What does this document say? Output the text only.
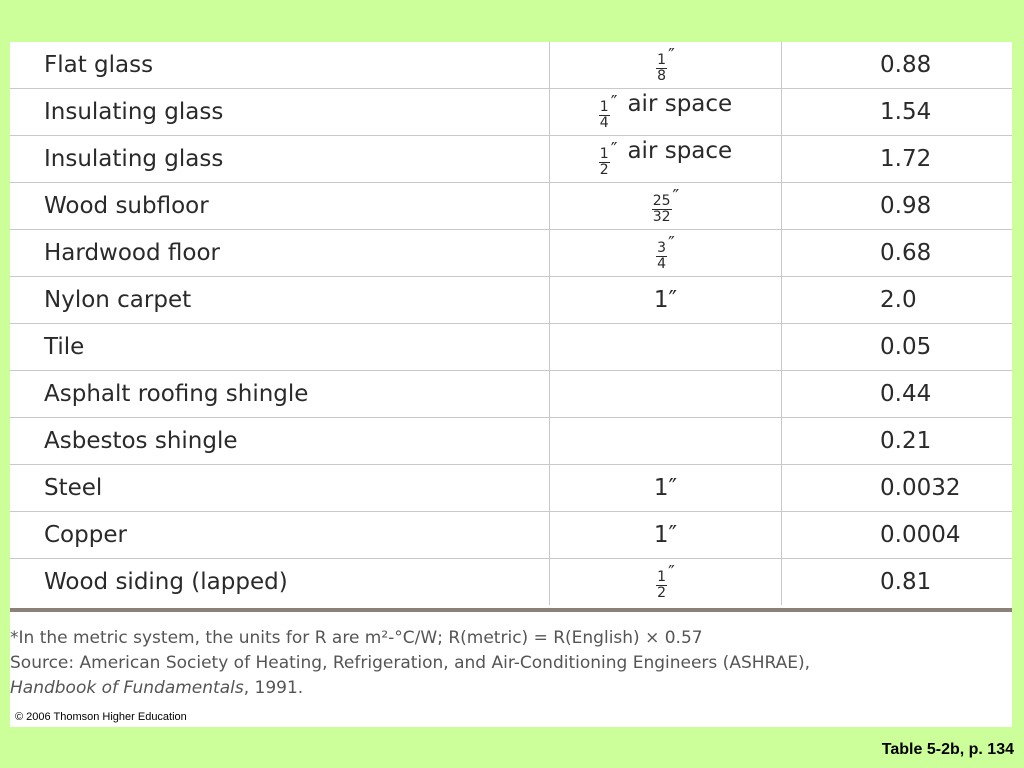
Flat glass	$\frac{1}{8}$ ″	0.88
Insulating glass	$\frac{1}{4}$ ″ air space	1.54
Insulating glass	$\frac{1}{2}$ ″ air space	1.72
Wood subfloor	$\frac{25}{32}$ ″	0.98
Hardwood floor	$\frac{3}{4}$ ″	0.68
Nylon carpet	1″	2.0
Tile		0.05
Asphalt roofing shingle		0.44
Asbestos shingle		0.21
Steel	1″	0.0032
Copper	1″	0.0004
Wood siding (lapped)	$\frac{1}{2}$ ″	0.81
*In the metric system, the units for R are m²-°C/W; R(metric) = R(English) × 0.57
Source: American Society of Heating, Refrigeration, and Air-Conditioning Engineers (ASHRAE),
Handbook of Fundamentals, 1991.
© 2006 Thomson Higher Education
Table 5-2b, p. 134
